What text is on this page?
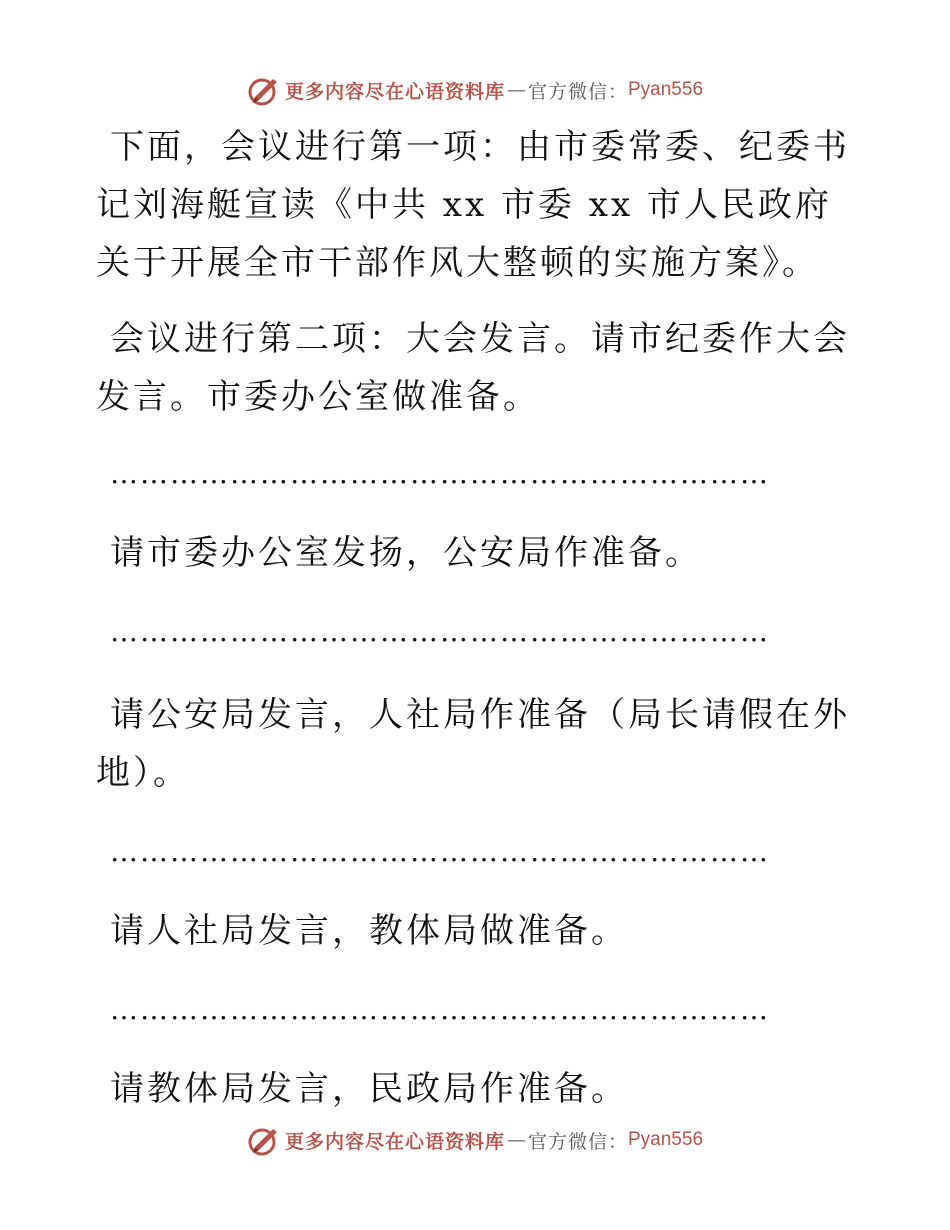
更多内容尽在心语资料库 — 官方微信： Pyan556

下面，会议进行第一项：由市委常委、纪委书记刘海艇宣读《中共 xx 市委 xx 市人民政府关于开展全市干部作风大整顿的实施方案》。

会议进行第二项：大会发言。请市纪委作大会发言。市委办公室做准备。

…………………………………………………………

请市委办公室发扬，公安局作准备。

…………………………………………………………

请公安局发言，人社局作准备（局长请假在外地）。

…………………………………………………………

请人社局发言，教体局做准备。

…………………………………………………………

请教体局发言，民政局作准备。

更多内容尽在心语资料库 — 官方微信： Pyan556
